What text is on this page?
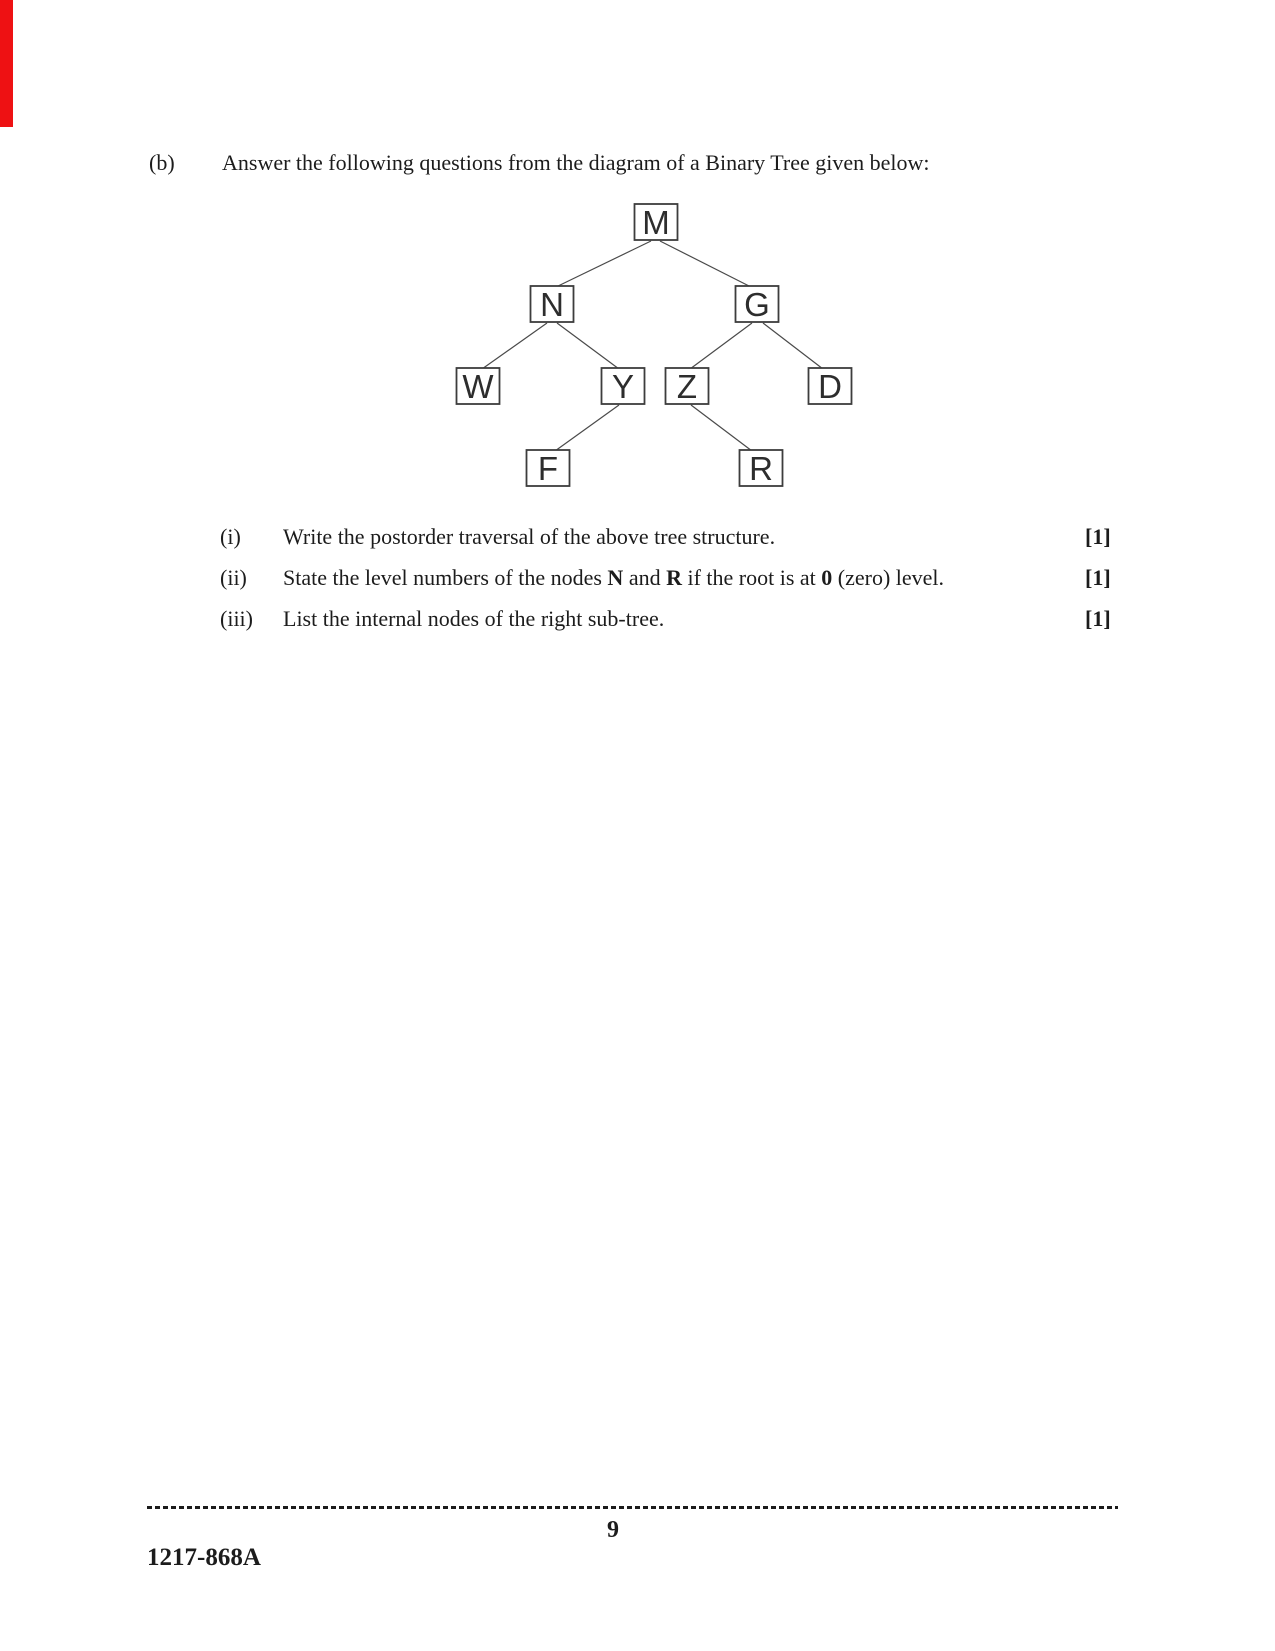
(b) Answer the following questions from the diagram of a Binary Tree given below:
M
N	G
W	Y Z	D
F	R
(i) Write the postorder traversal of the above tree structure.	[1]
(ii) State the level numbers of the nodes N and R if the root is at 0 (zero) level.	[1]
(iii) List the internal nodes of the right sub-tree.	[1]
9
1217-868A
